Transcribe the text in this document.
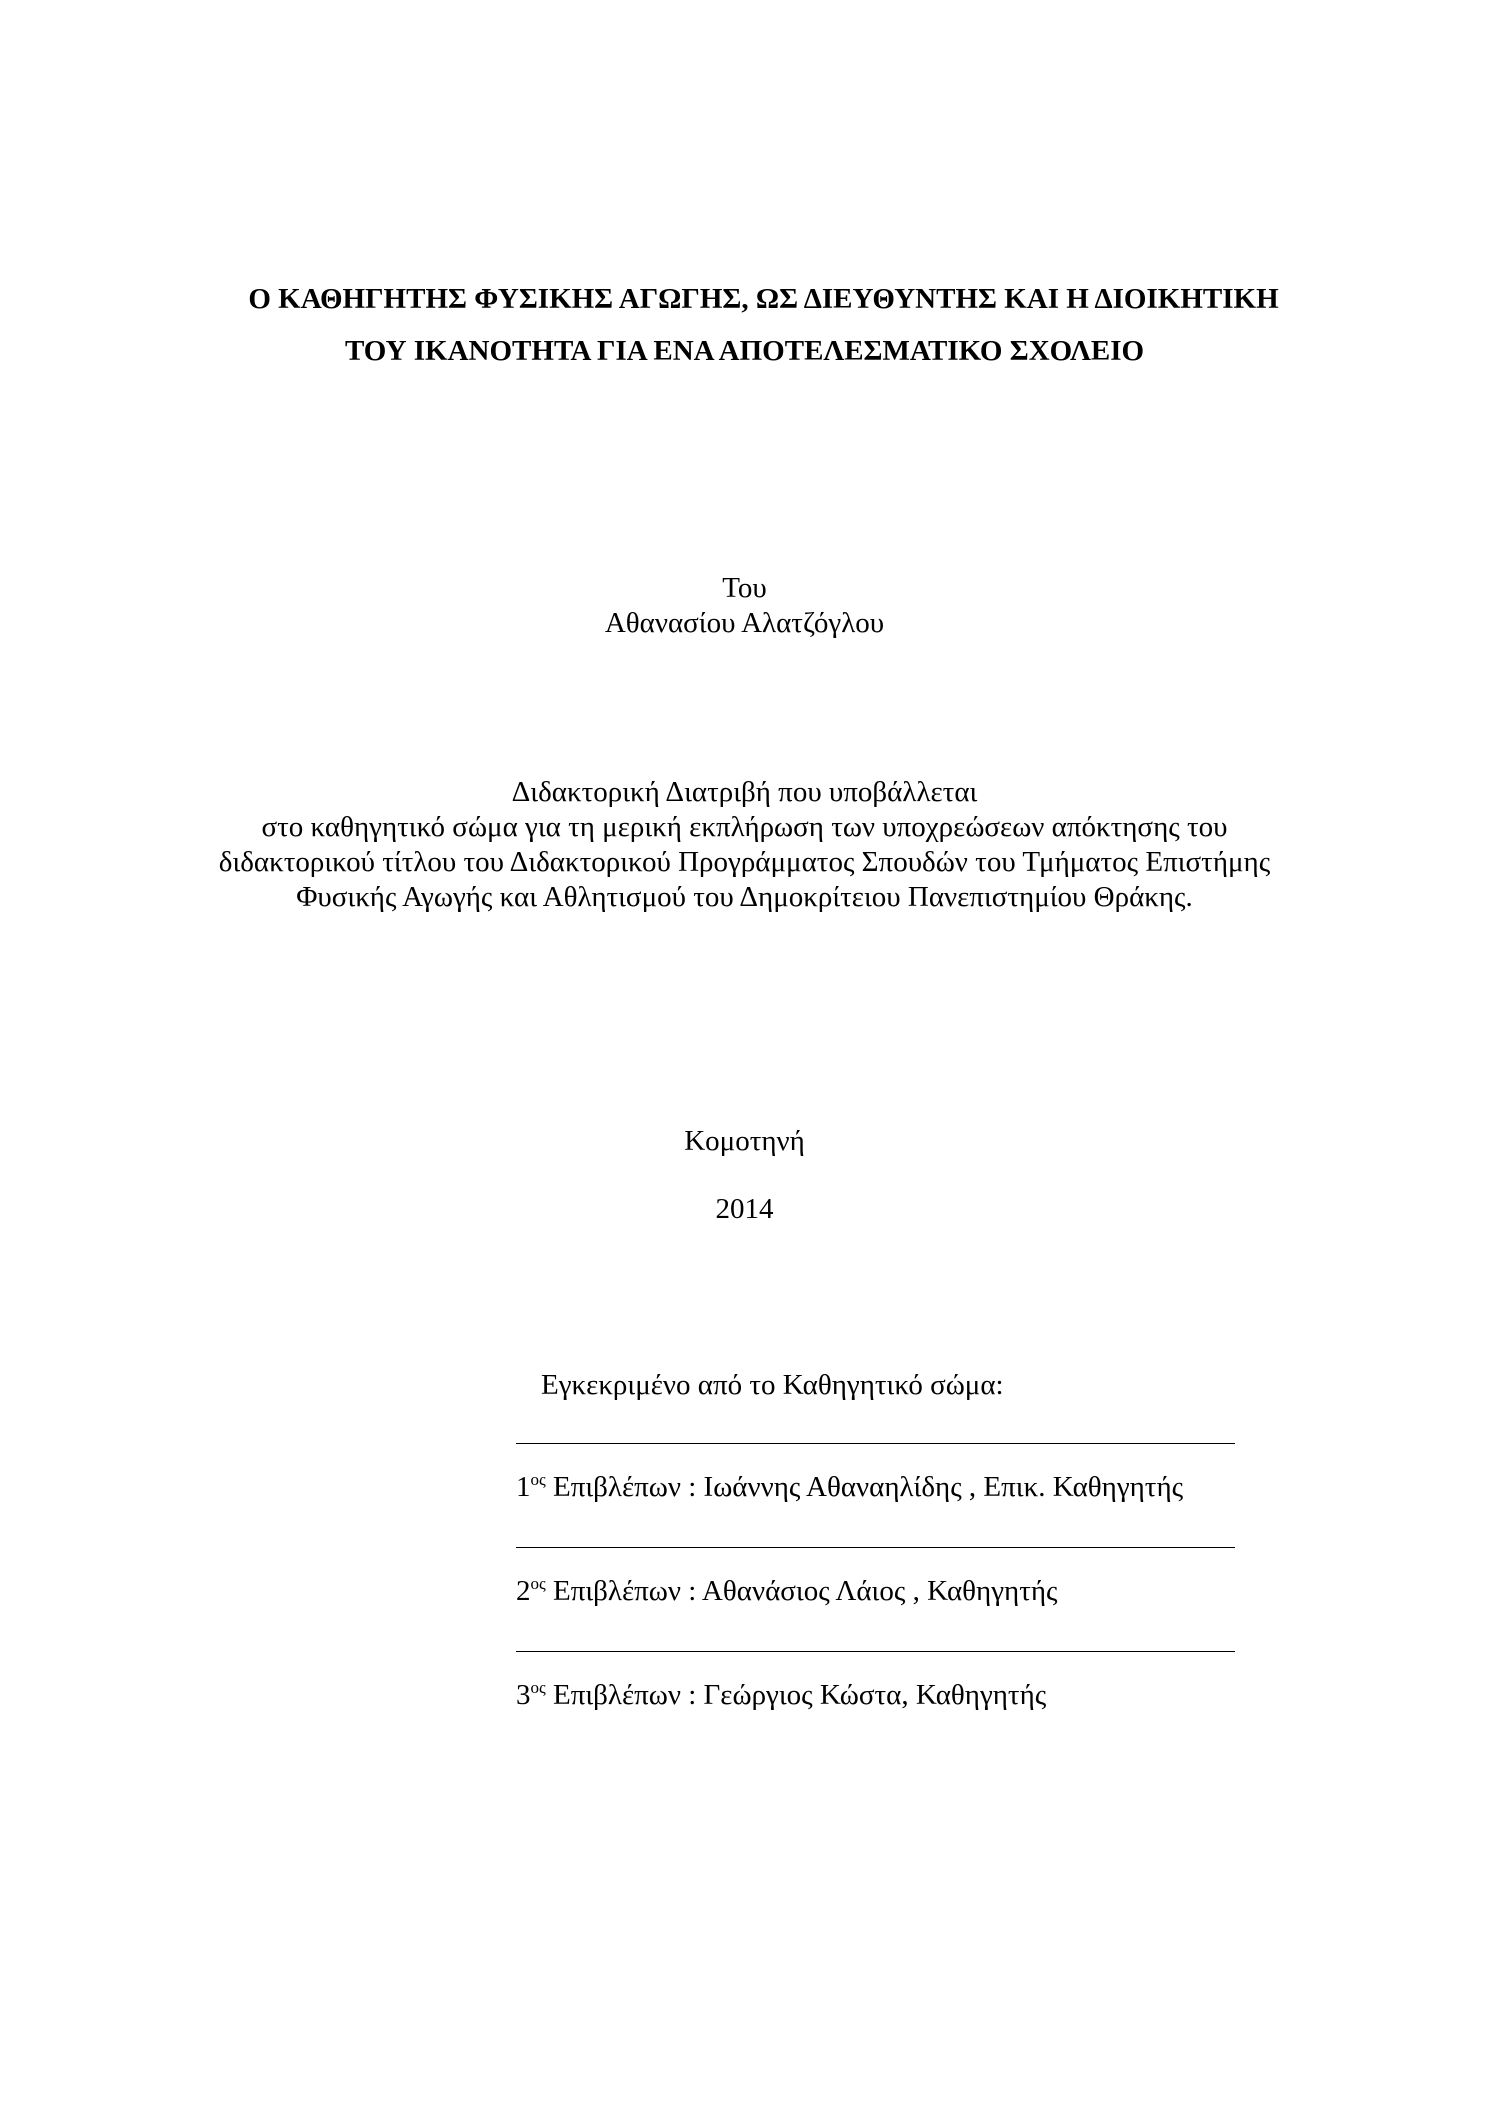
Ο ΚΑΘΗΓΗΤΗΣ ΦΥΣΙΚΗΣ ΑΓΩΓΗΣ, ΩΣ ΔΙΕΥΘΥΝΤΗΣ ΚΑΙ Η ΔΙΟΙΚΗΤΙΚΗ
ΤΟΥ ΙΚΑΝΟΤΗΤΑ ΓΙΑ ΕΝΑ ΑΠΟΤΕΛΕΣΜΑΤΙΚΟ ΣΧΟΛΕΙΟ
Του
Αθανασίου Αλατζόγλου
Διδακτορική Διατριβή που υποβάλλεται
στο καθηγητικό σώμα για τη μερική εκπλήρωση των υποχρεώσεων απόκτησης του
διδακτορικού τίτλου του Διδακτορικού Προγράμματος Σπουδών του Τμήματος Επιστήμης
Φυσικής Αγωγής και Αθλητισμού του Δημοκρίτειου Πανεπιστημίου Θράκης.
Κομοτηνή
2014
Εγκεκριμένο από το Καθηγητικό σώμα:
$1^{o\varsigma}$ Επιβλέπων : Ιωάννης Αθαναηλίδης , Επικ. Καθηγητής
$2^{o\varsigma}$ Επιβλέπων : Αθανάσιος Λάιος , Καθηγητής
$3^{o\varsigma}$ Επιβλέπων : Γεώργιος Κώστα, Καθηγητής
